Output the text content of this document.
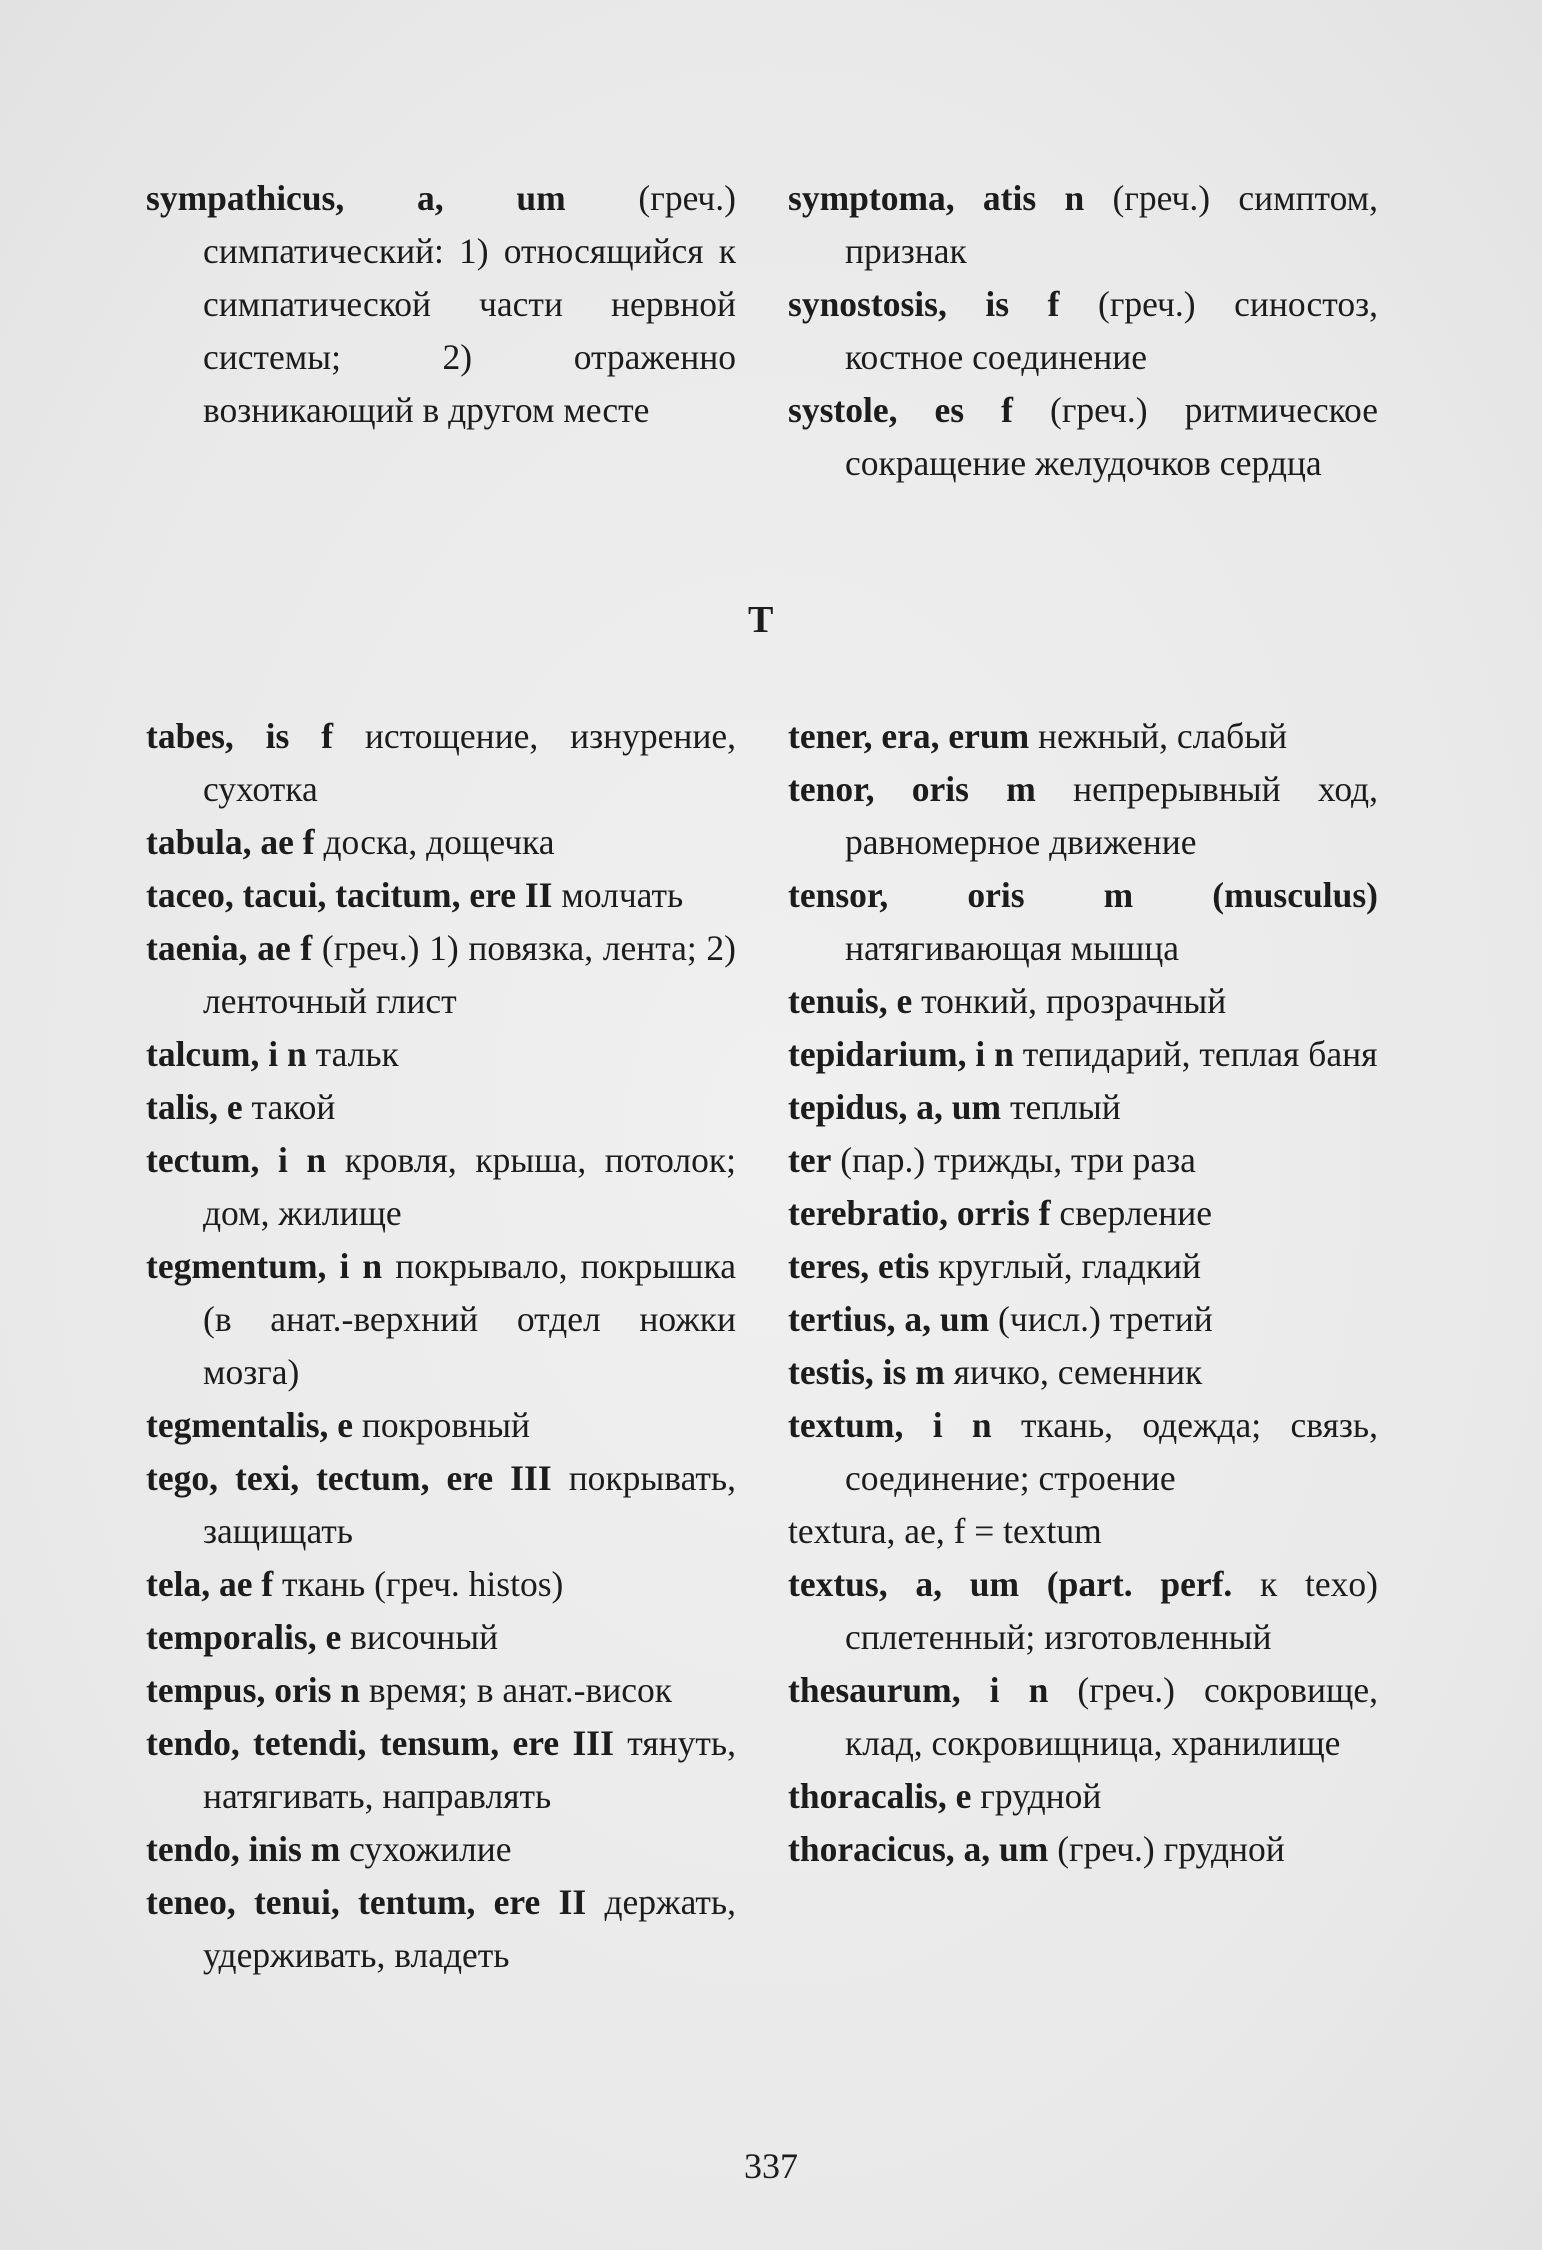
sympathicus, a, um (греч.) симпатический: 1) относящийся к симпатической части нервной системы; 2) отраженно возникающий в другом месте

symptoma, atis n (греч.) симптом, признак

synostosis, is f (греч.) синостоз, костное соединение

systole, es f (греч.) ритмическое сокращение желудочков сердца

T

tabes, is f истощение, изнурение, сухотка

tabula, ae f доска, дощечка

taceo, tacui, tacitum, ere II молчать

taenia, ae f (греч.) 1) повязка, лента; 2) ленточный глист

talcum, i n тальк

talis, e такой

tectum, i n кровля, крыша, потолок; дом, жилище

tegmentum, i n покрывало, покрышка (в анат.-верхний отдел ножки мозга)

tegmentalis, e покровный

tego, texi, tectum, ere III покрывать, защищать

tela, ae f ткань (греч. histos)

temporalis, e височный

tempus, oris n время; в анат.-висок

tendo, tetendi, tensum, ere III тянуть, натягивать, направлять

tendo, inis m сухожилие

teneo, tenui, tentum, ere II держать, удерживать, владеть

tener, era, erum нежный, слабый

tenor, oris m непрерывный ход, равномерное движение

tensor, oris m (musculus) натягивающая мышца

tenuis, e тонкий, прозрачный

tepidarium, i n тепидарий, теплая баня

tepidus, a, um теплый

ter (пар.) трижды, три раза

terebratio, orris f сверление

teres, etis круглый, гладкий

tertius, a, um (числ.) третий

testis, is m яичко, семенник

textum, i n ткань, одежда; связь, соединение; строение

textura, ae, f = textum

textus, a, um (part. perf. к texo) сплетенный; изготовленный

thesaurum, i n (греч.) сокровище, клад, сокровищница, хранилище

thoracalis, e грудной

thoracicus, a, um (греч.) грудной

337
